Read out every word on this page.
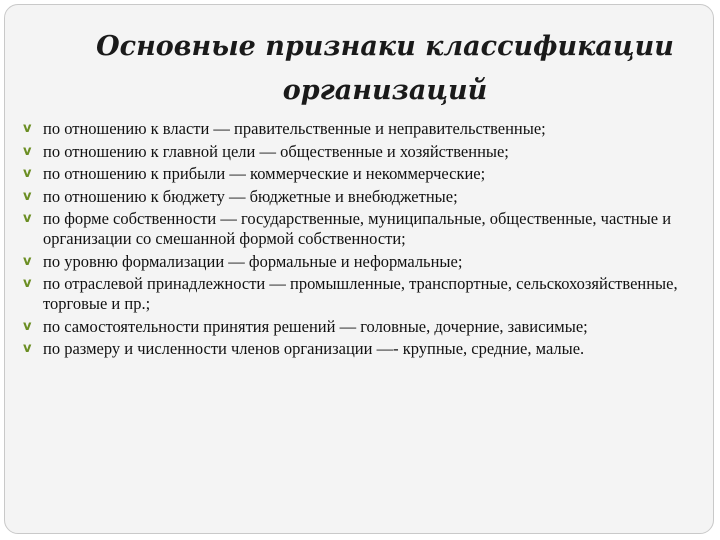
Основные признаки классификации
организаций
v по отношению к власти — правительственные и неправительственные;
v по отношению к главной цели — общественные и хозяйственные;
v по отношению к прибыли — коммерческие и некоммерческие;
v по отношению к бюджету — бюджетные и внебюджетные;
v по форме собственности — государственные, муниципальные, общественные, частные и организации со смешанной формой собственности;
v по уровню формализации — формальные и неформальные;
v по отраслевой принадлежности — промышленные, транспортные, сельскохозяйственные, торговые и пр.;
v по самостоятельности принятия решений — головные, дочерние, зависимые;
v по размеру и численности членов организации —- крупные, средние, малые.
